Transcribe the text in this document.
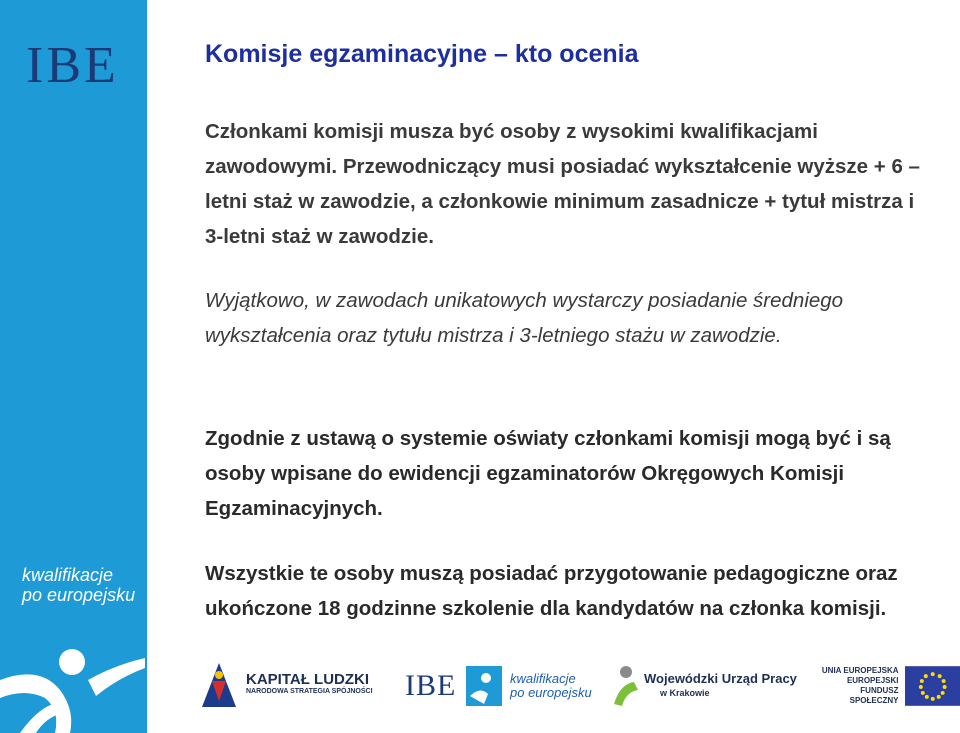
IBE
kwalifikacje
po europejsku
Komisje egzaminacyjne – kto ocenia

Członkami komisji musza być osoby z wysokimi kwalifikacjami zawodowymi. Przewodniczący musi posiadać wykształcenie wyższe + 6 – letni staż w zawodzie, a członkowie minimum zasadnicze + tytuł mistrza i 3-letni staż w zawodzie.

Wyjątkowo, w zawodach unikatowych wystarczy posiadanie średniego wykształcenia oraz tytułu mistrza i 3-letniego stażu w zawodzie.

Zgodnie z ustawą o systemie oświaty członkami komisji mogą być i są osoby wpisane do ewidencji egzaminatorów Okręgowych Komisji Egzaminacyjnych.

Wszystkie te osoby muszą posiadać przygotowanie pedagogiczne oraz ukończone 18 godzinne szkolenie dla kandydatów na członka komisji.

KAPITAŁ LUDZKI
NARODOWA STRATEGIA SPÓJNOŚCI IBE	kwalifikacje
po europejsku
Wojewódzki Urząd Pracy
w Krakowie
UNIA EUROPEJSKA
EUROPEJSKI
FUNDUSZ SPOŁECZNY
